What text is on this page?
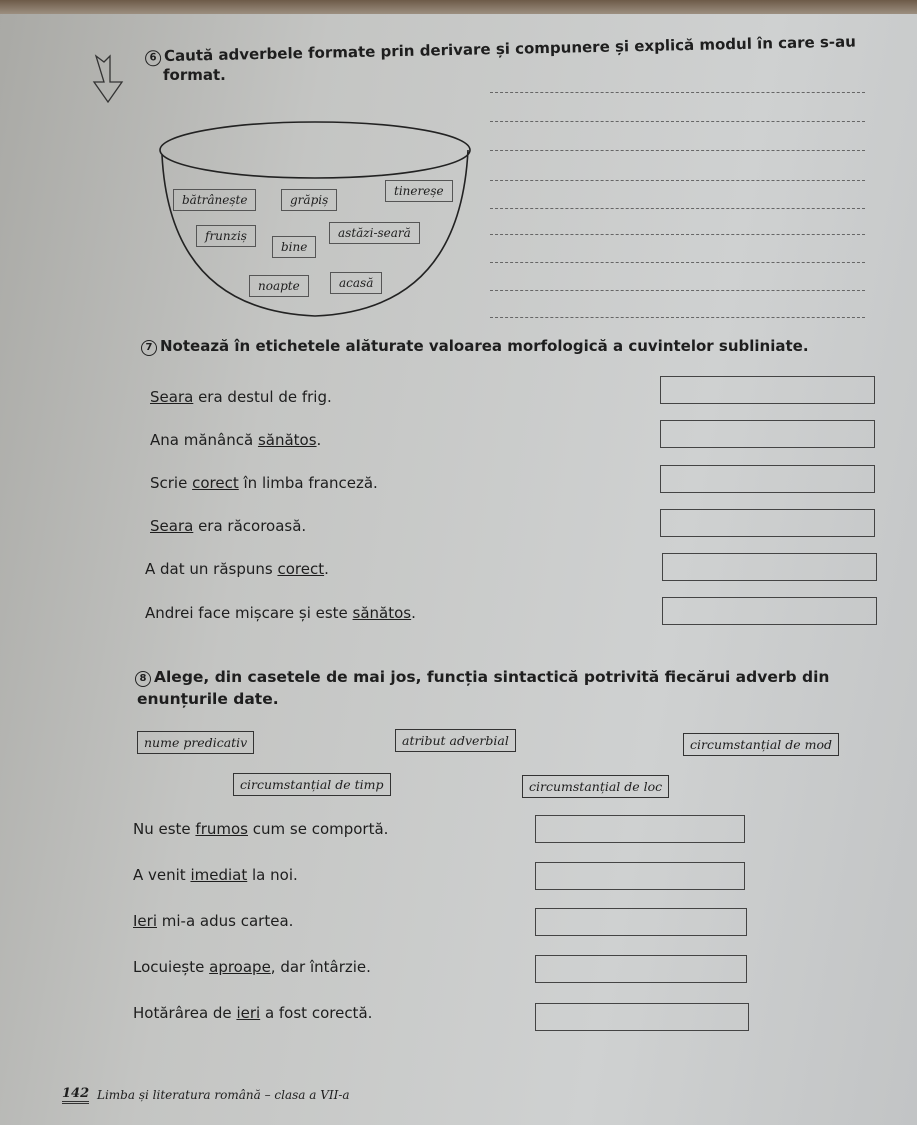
6 Caută adverbele formate prin derivare și compunere și explică modul în care s-au
format.
bătrânește	grăpiș
tinereșe
frunziș
bine
astăzi-seară
noapte	acasă
7 Notează în etichetele alăturate valoarea morfologică a cuvintelor subliniate.
Seara era destul de frig.
Ana mănâncă sănătos.
Scrie corect în limba franceză.
Seara era răcoroasă.
A dat un răspuns corect.
Andrei face mișcare și este sănătos.
8 Alege, din casetele de mai jos, funcția sintactică potrivită fiecărui adverb din
enunțurile date.
nume predicativ	atribut adverbial	circumstanțial de mod
circumstanțial de timp	circumstanțial de loc
Nu este frumos cum se comportă.
A venit imediat la noi.
Ieri mi-a adus cartea.
Locuiește aproape, dar întârzie.
Hotărârea de ieri a fost corectă.
142 Limba și literatura română – clasa a VII-a
